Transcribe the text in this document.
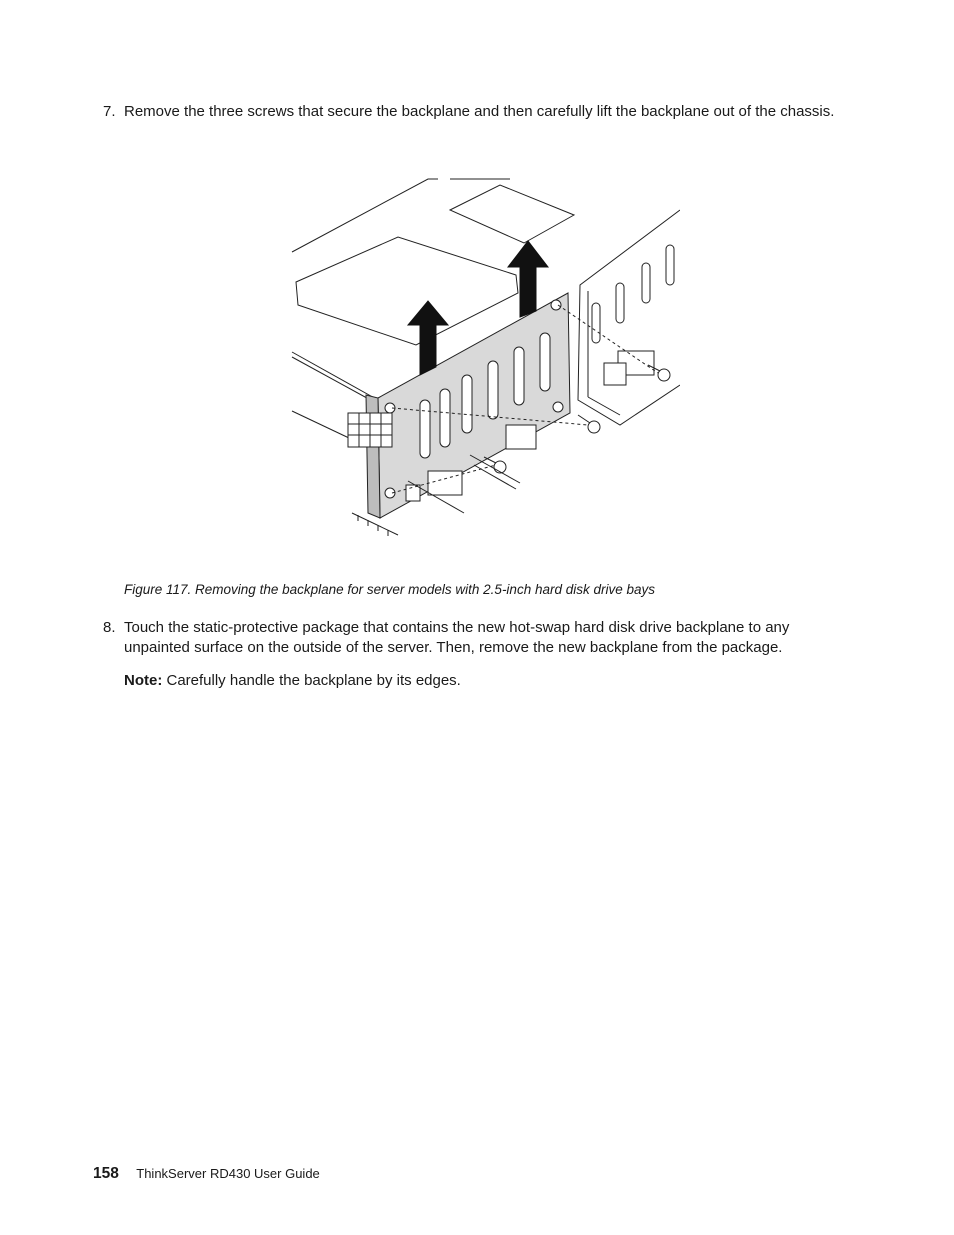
7. Remove the three screws that secure the backplane and then carefully lift the backplane out of the chassis.
Figure 117. Removing the backplane for server models with 2.5-inch hard disk drive bays
8. Touch the static-protective package that contains the new hot-swap hard disk drive backplane to any unpainted surface on the outside of the server. Then, remove the new backplane from the package.
Note: Carefully handle the backplane by its edges.
158 ThinkServer RD430 User Guide
